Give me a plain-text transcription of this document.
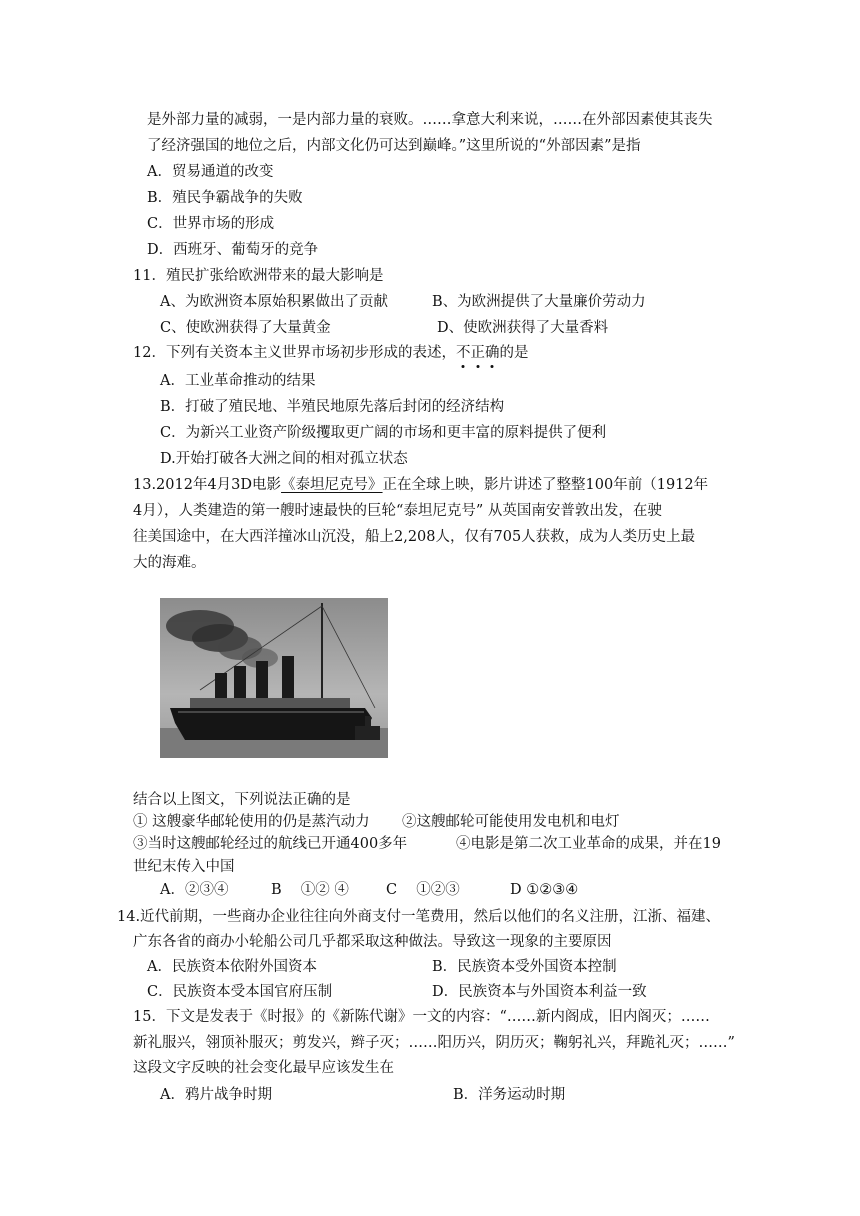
是外部力量的减弱，一是内部力量的衰败。……拿意大利来说，……在外部因素使其丧失
了经济强国的地位之后，内部文化仍可达到巅峰。”这里所说的“外部因素”是指
A．贸易通道的改变
B．殖民争霸战争的失败
C．世界市场的形成
D．西班牙、葡萄牙的竞争
11．殖民扩张给欧洲带来的最大影响是
A、为欧洲资本原始积累做出了贡献	B、为欧洲提供了大量廉价劳动力
C、使欧洲获得了大量黄金	D、使欧洲获得了大量香料
12．下列有关资本主义世界市场初步形成的表述，不正确的是
A．工业革命推动的结果
B．打破了殖民地、半殖民地原先落后封闭的经济结构
C．为新兴工业资产阶级攫取更广阔的市场和更丰富的原料提供了便利
D.开始打破各大洲之间的相对孤立状态
13.2012年4月3D电影《泰坦尼克号》正在全球上映，影片讲述了整整100年前（1912年
4月），人类建造的第一艘时速最快的巨轮“泰坦尼克号” 从英国南安普敦出发，在驶
往美国途中，在大西洋撞冰山沉没，船上2,208人，仅有705人获救，成为人类历史上最
大的海难。
结合以上图文，下列说法正确的是
① 这艘豪华邮轮使用的仍是蒸汽动力 ②这艘邮轮可能使用发电机和电灯
③当时这艘邮轮经过的航线已开通400多年	④电影是第二次工业革命的成果，并在19
世纪末传入中国
A．②③④	B　 ①② ④	C　 ①②③	D ①②③④
14.近代前期，一些商办企业往往向外商支付一笔费用，然后以他们的名义注册，江浙、福建、
广东各省的商办小轮船公司几乎都采取这种做法。导致这一现象的主要原因
A．民族资本依附外国资本	B．民族资本受外国资本控制
C．民族资本受本国官府压制	D．民族资本与外国资本利益一致
15．下文是发表于《时报》的《新陈代谢》一文的内容：“……新内阁成，旧内阁灭；……
新礼服兴，翎顶补服灭；剪发兴，辫子灭；……阳历兴，阴历灭；鞠躬礼兴，拜跪礼灭；……”
这段文字反映的社会变化最早应该发生在
A．鸦片战争时期	B．洋务运动时期
